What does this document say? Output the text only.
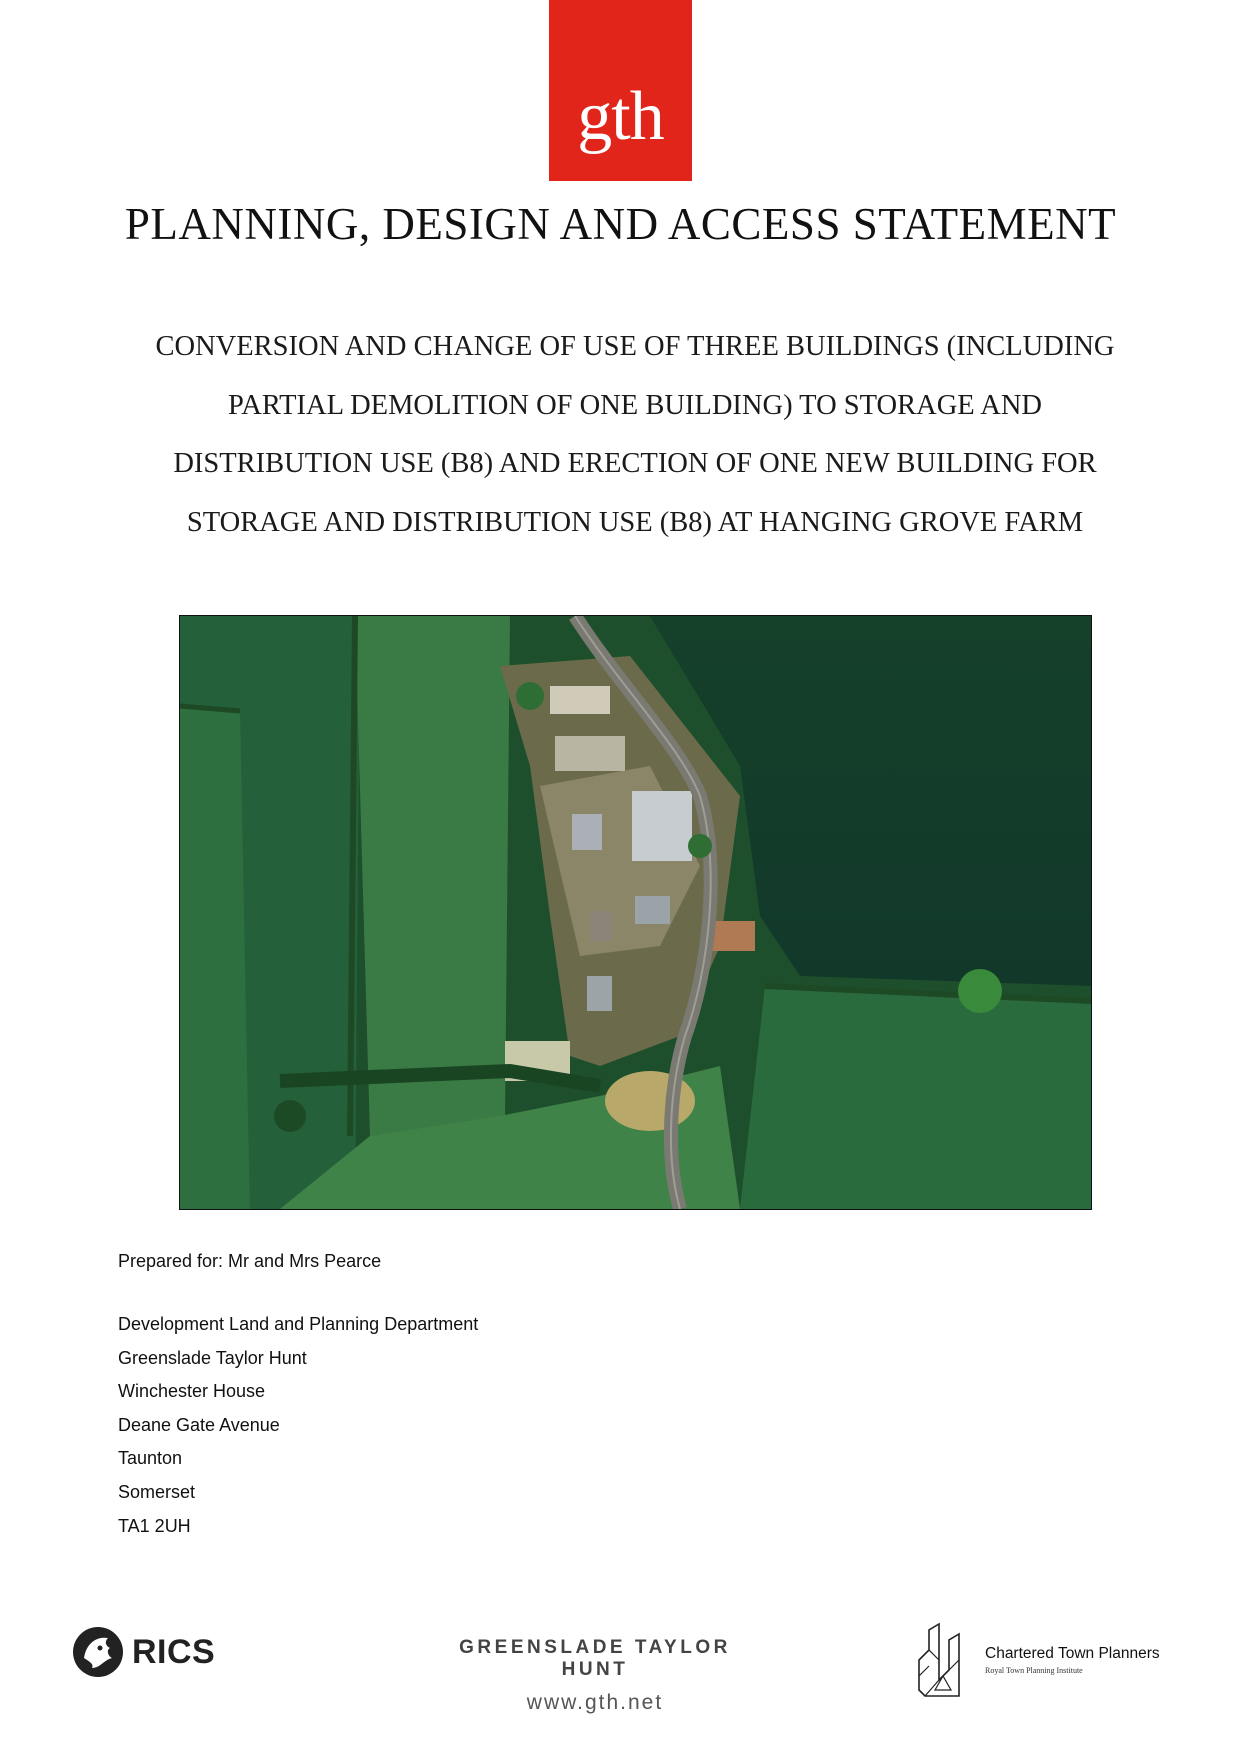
gth
PLANNING, DESIGN AND ACCESS STATEMENT
CONVERSION AND CHANGE OF USE OF THREE BUILDINGS (INCLUDING
PARTIAL DEMOLITION OF ONE BUILDING) TO STORAGE AND
DISTRIBUTION USE (B8) AND ERECTION OF ONE NEW BUILDING FOR
STORAGE AND DISTRIBUTION USE (B8) AT HANGING GROVE FARM
Prepared for: Mr and Mrs Pearce
Development Land and Planning Department
Greenslade Taylor Hunt
Winchester House
Deane Gate Avenue
Taunton
Somerset
TA1 2UH
RICS	GREENSLADE TAYLOR HUNT
www.gth.net
Chartered Town Planners
Royal Town Planning Institute
